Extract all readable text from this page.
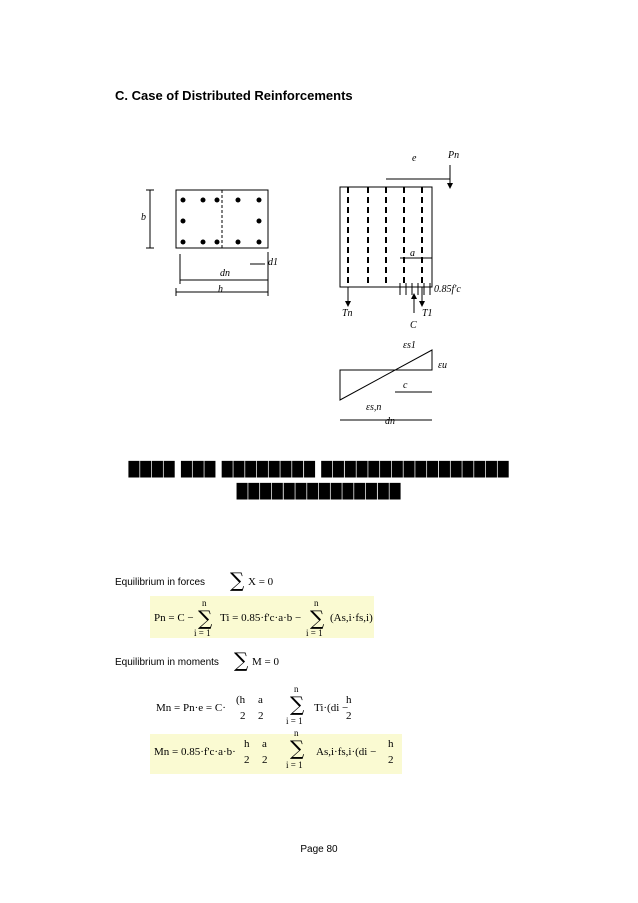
C. Case of Distributed Reinforcements
b
d1
dn
h
e	Pn
a
0.85f'c
Tn	T1
C
εs1
εu
c
εs,n
dn
████ ███ ████████ ████████████████
██████████████
Equilibrium in forces ∑ X = 0
Pn = C −
n
∑
i = 1
Ti = 0.85·f'c·a·b −
n
∑
i = 1
(As,i·fs,i)
Equilibrium in moments ∑ M = 0
Mn = Pn·e = C·
(h
2
a
2
n
∑
i = 1
Ti·(di −
h
2
Mn = 0.85·f'c·a·b·
h
2
a
2
n
∑
i = 1
As,i·fs,i·(di −
h
2
Page 80
